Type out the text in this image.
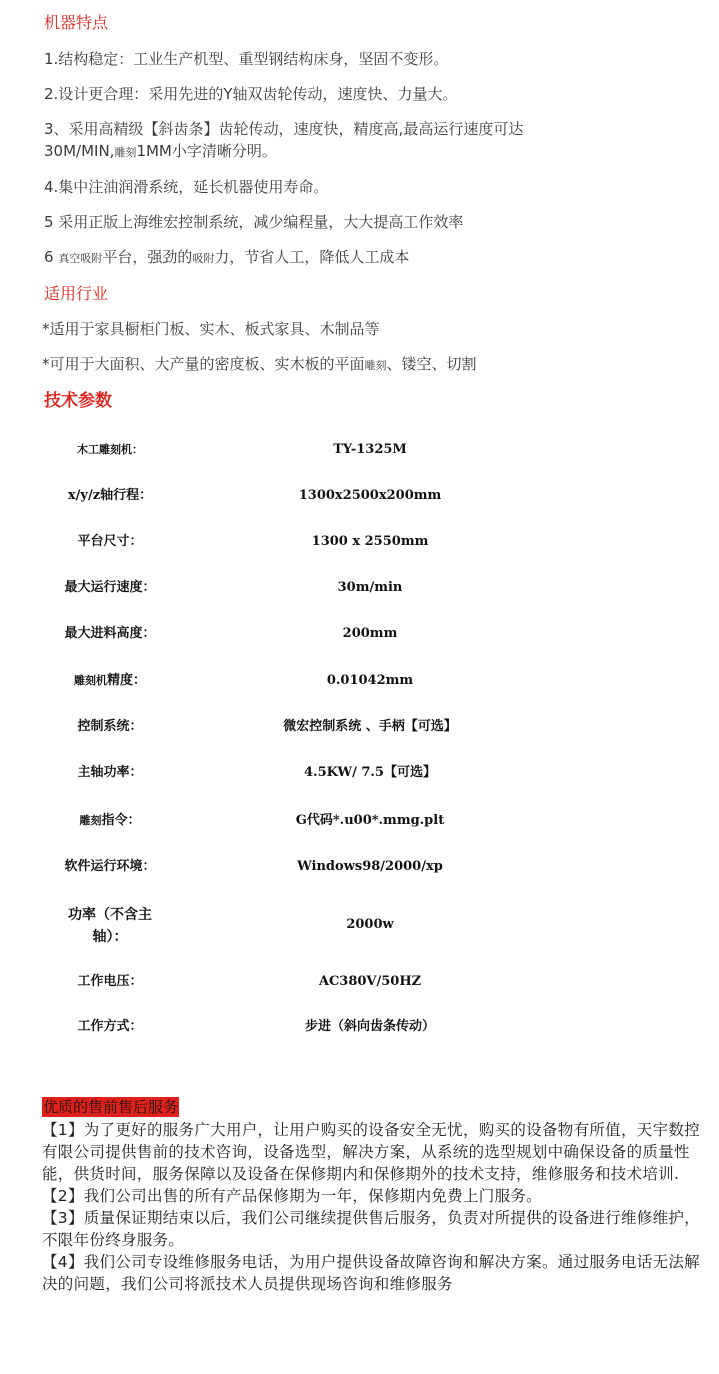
机器特点
1.结构稳定：工业生产机型、重型钢结构床身，坚固不变形。
2.设计更合理：采用先进的Y轴双齿轮传动，速度快、力量大。
3、采用高精级【斜齿条】齿轮传动，速度快，精度高,最高运行速度可达
30M/MIN,雕刻1MM小字清晰分明。
4.集中注油润滑系统，延长机器使用寿命。
5 采用正版上海维宏控制系统，减少编程量，大大提高工作效率
6 真空吸附平台，强劲的吸附力，节省人工，降低人工成本
适用行业
*适用于家具橱柜门板、实木、板式家具、木制品等
*可用于大面积、大产量的密度板、实木板的平面雕刻、镂空、切割
技术参数
木工雕刻机：	TY-1325M
x/y/z轴行程：	1300x2500x200mm
平台尺寸：	1300 x 2550mm
最大运行速度：	30m/min
最大进料高度：	200mm
雕刻机精度：	0.01042mm
控制系统：	微宏控制系统 、手柄【可选】
主轴功率：	4.5KW/ 7.5【可选】
雕刻指令：	G代码*.u00*.mmg.plt
软件运行环境：	Windows98/2000/xp
功率（不含主
轴）：
2000w
工作电压：	AC380V/50HZ
工作方式：	步进（斜向齿条传动）
优质的售前售后服务

【1】为了更好的服务广大用户，让用户购买的设备安全无忧，购买的设备物有所值，天宇数控有限公司提供售前的技术咨询，设备选型，解决方案，从系统的选型规划中确保设备的质量性能，供货时间，服务保障以及设备在保修期内和保修期外的技术支持，维修服务和技术培训.

【2】我们公司出售的所有产品保修期为一年，保修期内免费上门服务。

【3】质量保证期结束以后，我们公司继续提供售后服务，负责对所提供的设备进行维修维护，不限年份终身服务。

【4】我们公司专设维修服务电话，为用户提供设备故障咨询和解决方案。通过服务电话无法解决的问题，我们公司将派技术人员提供现场咨询和维修服务
